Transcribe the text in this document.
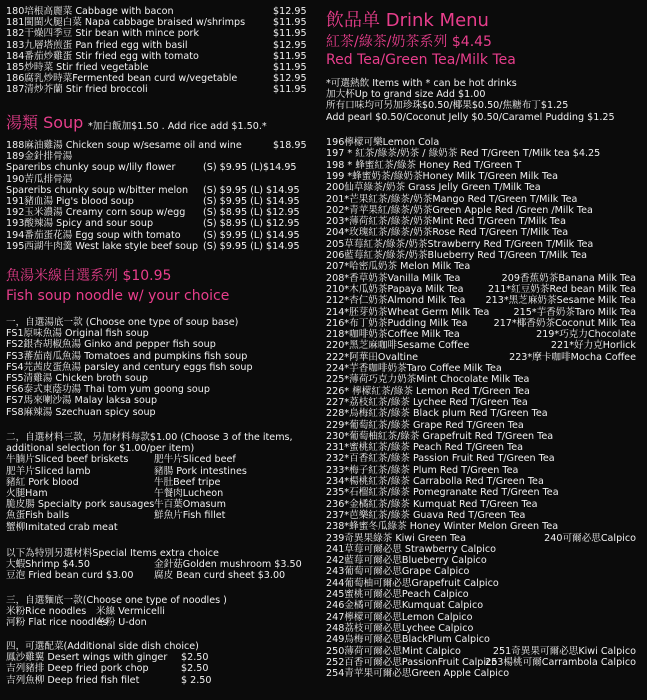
180培根高麗菜 Cabbage with bacon	$12.95
181閩閩火腿白菜 Napa cabbage braised w/shrimps	$11.95
182干燥四季豆 Stir bean with mince pork	$11.95
183九層塔煎蛋 Pan fried egg with basil	$12.95
184番茄炒雞蛋 Stir fried egg with tomato	$11.95
185炒時菜 Stir fried vegetable	$11.95
186腐乳炒時菜Fermented bean curd w/vegetable	$12.95
187清炒芥蘭 Stir fried broccoli	$11.95
湯類 Soup *加白飯加$1.50 . Add rice add $1.50.*
188麻油雞湯 Chicken soup w/sesame oil and wine	$18.95
189金針排骨湯
Spareribs chunky soup w/lily flower	(S) $9.95 (L)$14.95
190苦瓜排骨湯
Spareribs chunky soup w/bitter melon (S) $9.95 (L) $14.95
191豬血湯 Pig's blood soup	(S) $9.95 (L) $14.95
192玉米濃湯 Creamy corn soup w/egg (S) $8.95 (L) $12.95
193酸辣湯 Spicy and sour soup	(S) $8.95 (L) $12.95
194番茄蛋花湯 Egg soup with tomato (S) $9.95 (L) $14.95
195西湖牛肉羹 West lake style beef soup (S) $9.95 (L) $14.95
魚湯米線自選系列 $10.95
Fish soup noodle w/ your choice
一，自選湯底一款 (Choose one type of soup base)
FS1原味魚湯 Original fish soup
FS2銀杏胡椒魚湯 Ginko and pepper fish soup
FS3蕃茄南瓜魚湯 Tomatoes and pumpkins fish soup
FS4芫茜皮蛋魚湯 parsley and century eggs fish soup
FS5清雞湯 Chicken broth soup
FS6泰式東蔭功湯 Thai tom yum goong soup
FS7馬來喇沙湯 Malay laksa soup
FS8麻辣湯 Szechuan spicy soup
二，自選材料三款，另加材料每款$1.00 (Choose 3 of the items,
additional selection for $1.00/per item)
牛腩片Sliced beef briskets	肥牛片Sliced beef
肥羊片Sliced lamb	豬腸 Pork intestines
豬紅 Pork blood	牛肚Beef tripe
火腿Ham	午餐肉Lucheon
脆皮腸 Specialty pork sausages 牛百葉Omasum
魚蛋Fish balls	鮮魚片Fish fillet
蟹柳Imitated crab meat
以下為特別另選材料Special Items extra choice
大蝦Shrimp $4.50	金針菇Golden mushroom $3.50
豆泡 Fried bean curd $3.00 腐皮 Bean curd sheet $3.00
三，自選麵底一款(Choose one type of noodles )
米粉Rice noodles 米線 Vermicelli
河粉 Flat rice noodles
冬粉 U-don
四，可選配菜(Additional side dish choice)
鳳沙雞翼 Desert wings with ginger $2.50
吉列豬排 Deep fried pork chop	$2.50
吉列魚柳 Deep fried fish filet	$ 2.50
飲品单 Drink Menu
紅茶/綠茶/奶茶系列 $4.45
Red Tea/Green Tea/Milk Tea
*可選熱飲 Items with * can be hot drinks
加大杯Up to grand size Add $1.00
所有口味均可另加珍珠$0.50/椰果$0.50/焦糖布丁$1.25
Add pearl $0.50/Coconut Jelly $0.50/Caramel Pudding $1.25
196檸檬可樂Lemon Cola
197 * 紅茶/綠茶/奶茶 / 綠奶茶 Red T/Green T/Milk tea $4.25
198 * 蜂蜜紅茶/綠茶 Honey Red T/Green T
199 *蜂蜜奶茶/綠奶茶Honey Milk T/Green Milk Tea
200仙草綠茶/奶茶 Grass Jelly Green T/Milk Tea
201*芒果紅茶/綠茶/奶茶Mango Red T/Green T/Milk Tea
202*青苹果紅/綠茶/奶茶Green Apple Red /Green /Milk Tea
203*薄荷紅茶/綠茶/奶茶Mint Red T/Green T/Milk Tea
204*玫瑰紅茶/綠茶/奶茶Rose Red T/Green T/Milk Tea
205草莓紅茶/綠茶/奶茶Strawberry Red T/Green T/Milk Tea
206藍莓紅茶/綠茶/奶茶Blueberry Red T/Green T/Milk Tea
207*哈密瓜奶茶 Melon Milk Tea
208*香草奶茶Vanilla Milk Tea	209香蕉奶茶Banana Milk Tea
210*木瓜奶茶Papaya Milk Tea	211*紅豆奶茶Red bean Milk Tea
212*杏仁奶茶Almond Milk Tea 213*黑芝麻奶茶Sesame Milk Tea
214*胚芽奶茶Wheat Germ Milk Tea	215*芋香奶茶Taro Milk Tea
216*布丁奶茶Pudding Milk Tea	217*椰香奶茶Coconut Milk Tea
218*咖啡奶茶Coffee Milk Tea	219*巧克力Chocolate
220*黑芝麻咖啡Sesame Coffee	221*好力克Horlick
222*阿華田Ovaltine	223*摩卡咖啡Mocha Coffee
224*芋香咖啡奶茶Taro Coffee Milk Tea
225*薄荷巧克力奶茶Mint Chocolate Milk Tea
226* 檸檬紅茶/綠茶 Lemon Red T/Green Tea
227*荔枝紅茶/綠茶 Lychee Red T/Green Tea
228*烏梅紅茶/綠茶 Black plum Red T/Green Tea
229*葡萄紅茶/綠茶 Grape Red T/Green Tea
230*葡萄柚紅茶/綠茶 Grapefruit Red T/Green Tea
231*蜜桃紅茶/綠茶 Peach Red T/Green Tea
232*百香紅茶/綠茶 Passion Fruit Red T/Green Tea
233*梅子紅茶/綠茶 Plum Red T/Green Tea
234*楊桃紅茶/綠茶 Carrabolla Red T/Green Tea
235*石榴紅茶/綠茶 Pomegranate Red T/Green Tea
236*金橘紅茶/綠茶 Kumquat Red T/Green Tea
237*芭樂紅茶/綠茶 Guava Red T/Green Tea
238*蜂蜜冬瓜綠茶 Honey Winter Melon Green Tea
239奇異果綠茶 Kiwi Green Tea	240可爾必思Calpico
241草莓可爾必思 Strawberry Calpico
242藍莓可爾必思Blueberry Calpico
243葡萄可爾必思Grape Calpico
244葡萄柚可爾必思Grapefruit Calpico
245蜜桃可爾必思Peach Calpico
246金橘可爾必思Kumquat Calpico
247檸檬可爾必思Lemon Calpico
248荔枝可爾必思Lychee Calpico
249烏梅可爾必思BlackPlum Calpico
250薄荷可爾必思Mint Calpico	251奇異果可爾必思Kiwi Calpico
252百香可爾必思PassionFruit Calpico
253楊桃可爾Carrambola Calpico
254青苹果可爾必思Green Apple Calpico
